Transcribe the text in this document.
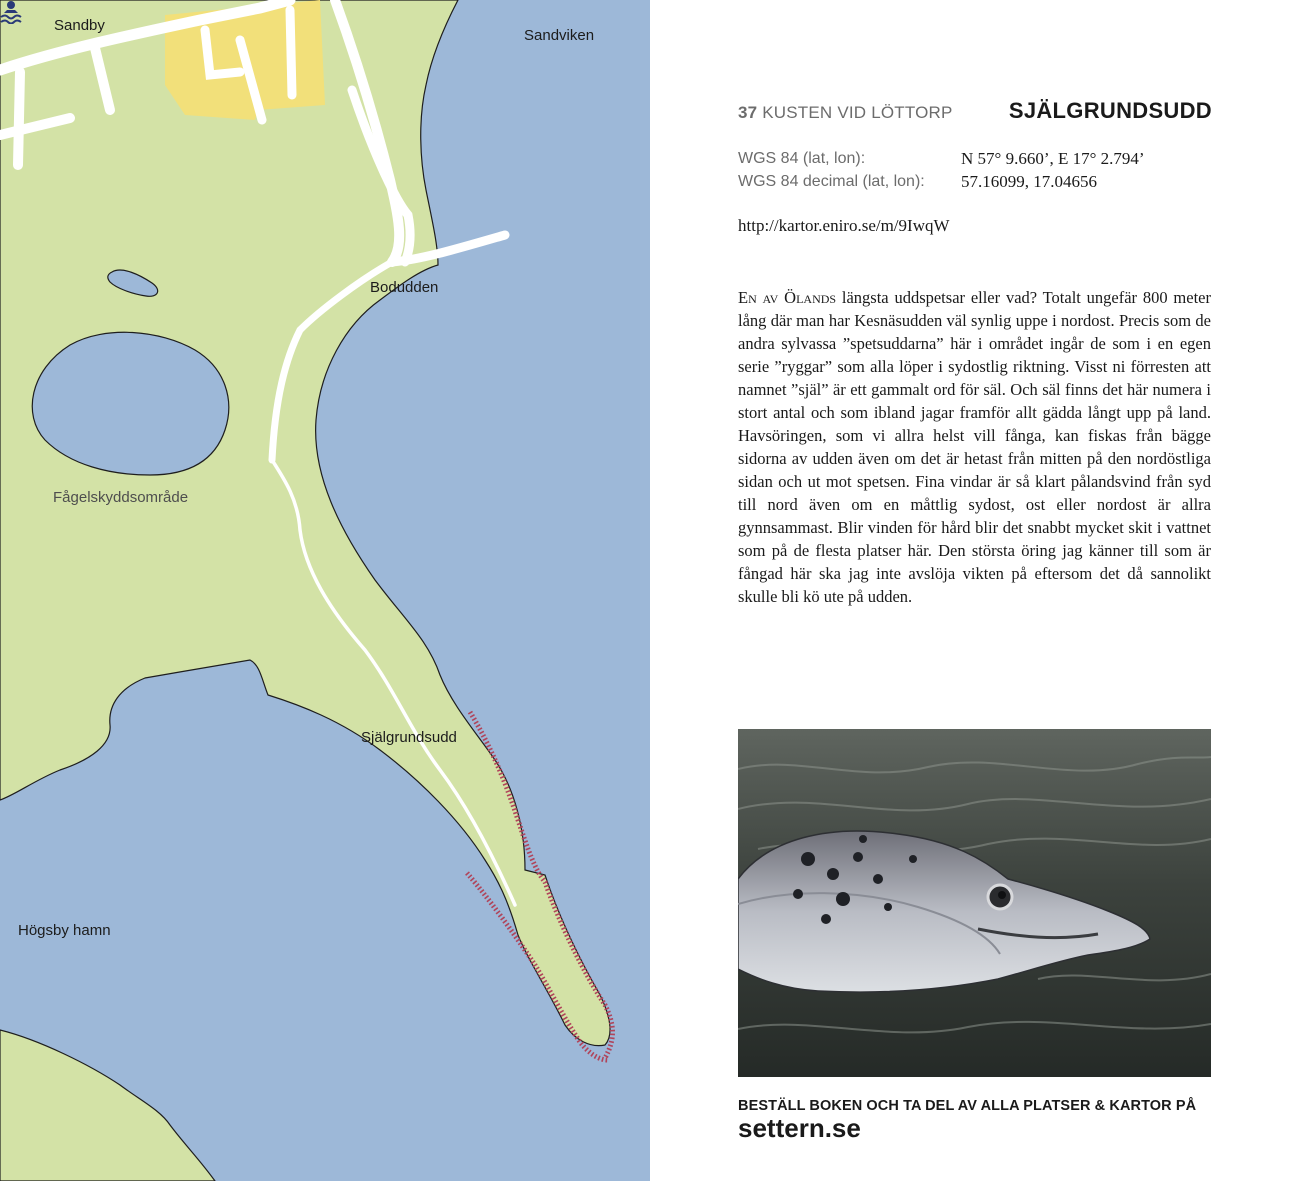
Sandby
Sandviken
Bodudden
Fågelskyddsområde
Själgrundsudd
Högsby hamn
37 KUSTEN VID LÖTTORP	SJÄLGRUNDSUDD
WGS 84 (lat, lon):	N 57° 9.660’, E 17° 2.794’
WGS 84 decimal (lat, lon): 57.16099, 17.04656
http://kartor.eniro.se/m/9IwqW

En av Ölands längsta uddspetsar eller vad? Totalt ungefär 800 meter lång där man har Kesnäsudden väl synlig uppe i nordost. Precis som de andra sylvassa ”spetsuddarna” här i området ingår de som i en egen serie ”ryggar” som alla löper i sydostlig riktning. Visst ni förresten att namnet ”själ” är ett gammalt ord för säl. Och säl finns det här numera i stort antal och som ibland jagar framför allt gädda långt upp på land. Havsöringen, som vi allra helst vill fånga, kan fiskas från bägge sidorna av udden även om det är hetast från mitten på den nordöstliga sidan och ut mot spetsen. Fina vindar är så klart pålandsvind från syd till nord även om en måttlig sydost, ost eller nordost är allra gynnsammast. Blir vinden för hård blir det snabbt mycket skit i vattnet som på de flesta platser här. Den största öring jag känner till som är fångad här ska jag inte avslöja vikten på eftersom det då sannolikt skulle bli kö ute på udden.

BESTÄLL BOKEN OCH TA DEL AV ALLA PLATSER & KARTOR PÅ
settern.se
